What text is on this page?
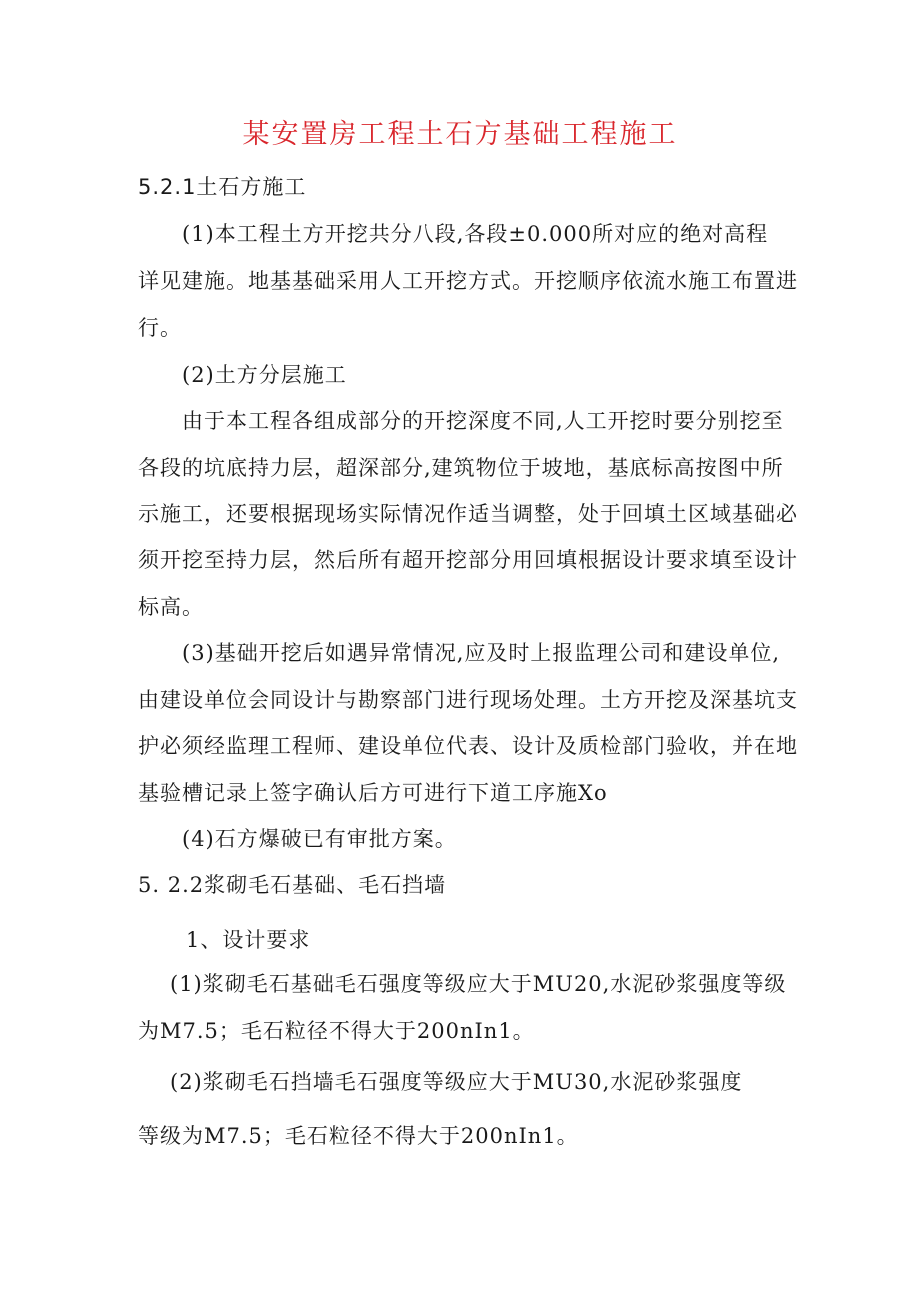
某安置房工程土石方基础工程施工
5.2.1土石方施工
(1)本工程土方开挖共分八段,各段±0.000所对应的绝对高程
详见建施。地基基础采用人工开挖方式。开挖顺序依流水施工布置进
行。
(2)土方分层施工
由于本工程各组成部分的开挖深度不同,人工开挖时要分别挖至
各段的坑底持力层，超深部分,建筑物位于坡地，基底标高按图中所
示施工，还要根据现场实际情况作适当调整，处于回填土区域基础必
须开挖至持力层，然后所有超开挖部分用回填根据设计要求填至设计
标高。
(3)基础开挖后如遇异常情况,应及时上报监理公司和建设单位,
由建设单位会同设计与勘察部门进行现场处理。土方开挖及深基坑支
护必须经监理工程师、建设单位代表、设计及质检部门验收，并在地
基验槽记录上签字确认后方可进行下道工序施Xo
(4)石方爆破已有审批方案。
5. 2.2浆砌毛石基础、毛石挡墙
1、设计要求
(1)浆砌毛石基础毛石强度等级应大于MU20,水泥砂浆强度等级
为M7.5；毛石粒径不得大于200nIn1。
(2)浆砌毛石挡墙毛石强度等级应大于MU30,水泥砂浆强度
等级为M7.5；毛石粒径不得大于200nIn1。
